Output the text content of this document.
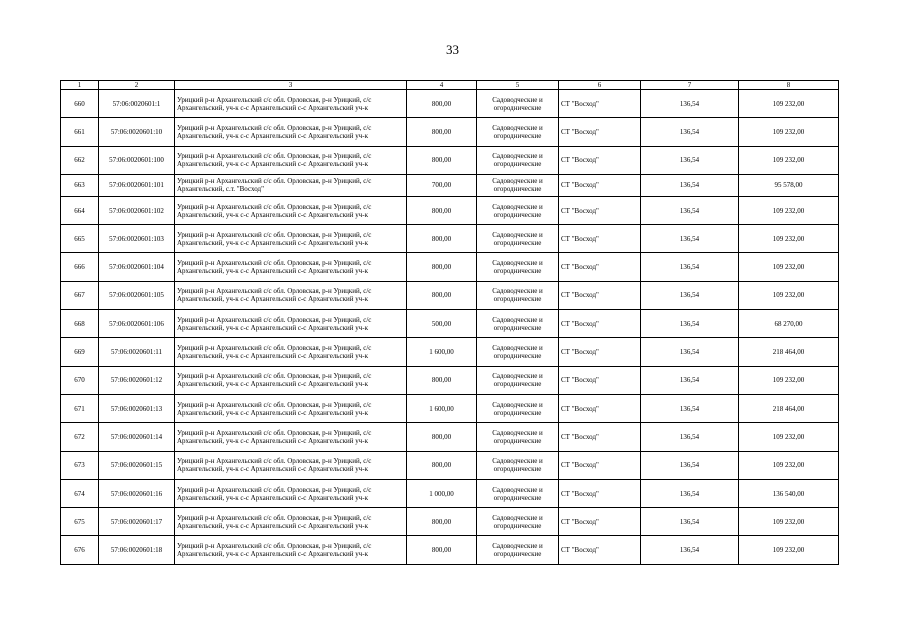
33
1	2	3	4	5	6	7	8
660	57:06:0020601:1	Урицкий р-н Архангельский с/с обл. Орловская, р-н Урицкий, с/с
Архангельский, уч-к с-с Архангельский с-с Архангельский уч-к	800,00	Садоводческие и
огороднические	СТ "Восход"	136,54	109 232,00
661	57:06:0020601:10	Урицкий р-н Архангельский с/с обл. Орловская, р-н Урицкий, с/с
Архангельский, уч-к с-с Архангельский с-с Архангельский уч-к	800,00	Садоводческие и
огороднические	СТ "Восход"	136,54	109 232,00
662	57:06:0020601:100	Урицкий р-н Архангельский с/с обл. Орловская, р-н Урицкий, с/с
Архангельский, уч-к с-с Архангельский с-с Архангельский уч-к	800,00	Садоводческие и
огороднические	СТ "Восход"	136,54	109 232,00
663	57:06:0020601:101	Урицкий р-н Архангельский с/с обл. Орловская, р-н Урицкий, с/с
Архангельский, с.т. "Восход"	700,00	Садоводческие и
огороднические	СТ "Восход"	136,54	95 578,00
664	57:06:0020601:102	Урицкий р-н Архангельский с/с обл. Орловская, р-н Урицкий, с/с
Архангельский, уч-к с-с Архангельский с-с Архангельский уч-к	800,00	Садоводческие и
огороднические	СТ "Восход"	136,54	109 232,00
665	57:06:0020601:103	Урицкий р-н Архангельский с/с обл. Орловская, р-н Урицкий, с/с
Архангельский, уч-к с-с Архангельский с-с Архангельский уч-к	800,00	Садоводческие и
огороднические	СТ "Восход"	136,54	109 232,00
666	57:06:0020601:104	Урицкий р-н Архангельский с/с обл. Орловская, р-н Урицкий, с/с
Архангельский, уч-к с-с Архангельский с-с Архангельский уч-к	800,00	Садоводческие и
огороднические	СТ "Восход"	136,54	109 232,00
667	57:06:0020601:105	Урицкий р-н Архангельский с/с обл. Орловская, р-н Урицкий, с/с
Архангельский, уч-к с-с Архангельский с-с Архангельский уч-к	800,00	Садоводческие и
огороднические	СТ "Восход"	136,54	109 232,00
668	57:06:0020601:106	Урицкий р-н Архангельский с/с обл. Орловская, р-н Урицкий, с/с
Архангельский, уч-к с-с Архангельский с-с Архангельский уч-к	500,00	Садоводческие и
огороднические	СТ "Восход"	136,54	68 270,00
669	57:06:0020601:11	Урицкий р-н Архангельский с/с обл. Орловская, р-н Урицкий, с/с
Архангельский, уч-к с-с Архангельский с-с Архангельский уч-к	1 600,00	Садоводческие и
огороднические	СТ "Восход"	136,54	218 464,00
670	57:06:0020601:12	Урицкий р-н Архангельский с/с обл. Орловская, р-н Урицкий, с/с
Архангельский, уч-к с-с Архангельский с-с Архангельский уч-к	800,00	Садоводческие и
огороднические	СТ "Восход"	136,54	109 232,00
671	57:06:0020601:13	Урицкий р-н Архангельский с/с обл. Орловская, р-н Урицкий, с/с
Архангельский, уч-к с-с Архангельский с-с Архангельский уч-к	1 600,00	Садоводческие и
огороднические	СТ "Восход"	136,54	218 464,00
672	57:06:0020601:14	Урицкий р-н Архангельский с/с обл. Орловская, р-н Урицкий, с/с
Архангельский, уч-к с-с Архангельский с-с Архангельский уч-к	800,00	Садоводческие и
огороднические	СТ "Восход"	136,54	109 232,00
673	57:06:0020601:15	Урицкий р-н Архангельский с/с обл. Орловская, р-н Урицкий, с/с
Архангельский, уч-к с-с Архангельский с-с Архангельский уч-к	800,00	Садоводческие и
огороднические	СТ "Восход"	136,54	109 232,00
674	57:06:0020601:16	Урицкий р-н Архангельский с/с обл. Орловская, р-н Урицкий, с/с
Архангельский, уч-к с-с Архангельский с-с Архангельский уч-к	1 000,00	Садоводческие и
огороднические	СТ "Восход"	136,54	136 540,00
675	57:06:0020601:17	Урицкий р-н Архангельский с/с обл. Орловская, р-н Урицкий, с/с
Архангельский, уч-к с-с Архангельский с-с Архангельский уч-к	800,00	Садоводческие и
огороднические	СТ "Восход"	136,54	109 232,00
676	57:06:0020601:18	Урицкий р-н Архангельский с/с обл. Орловская, р-н Урицкий, с/с
Архангельский, уч-к с-с Архангельский с-с Архангельский уч-к	800,00	Садоводческие и
огороднические	СТ "Восход"	136,54	109 232,00
